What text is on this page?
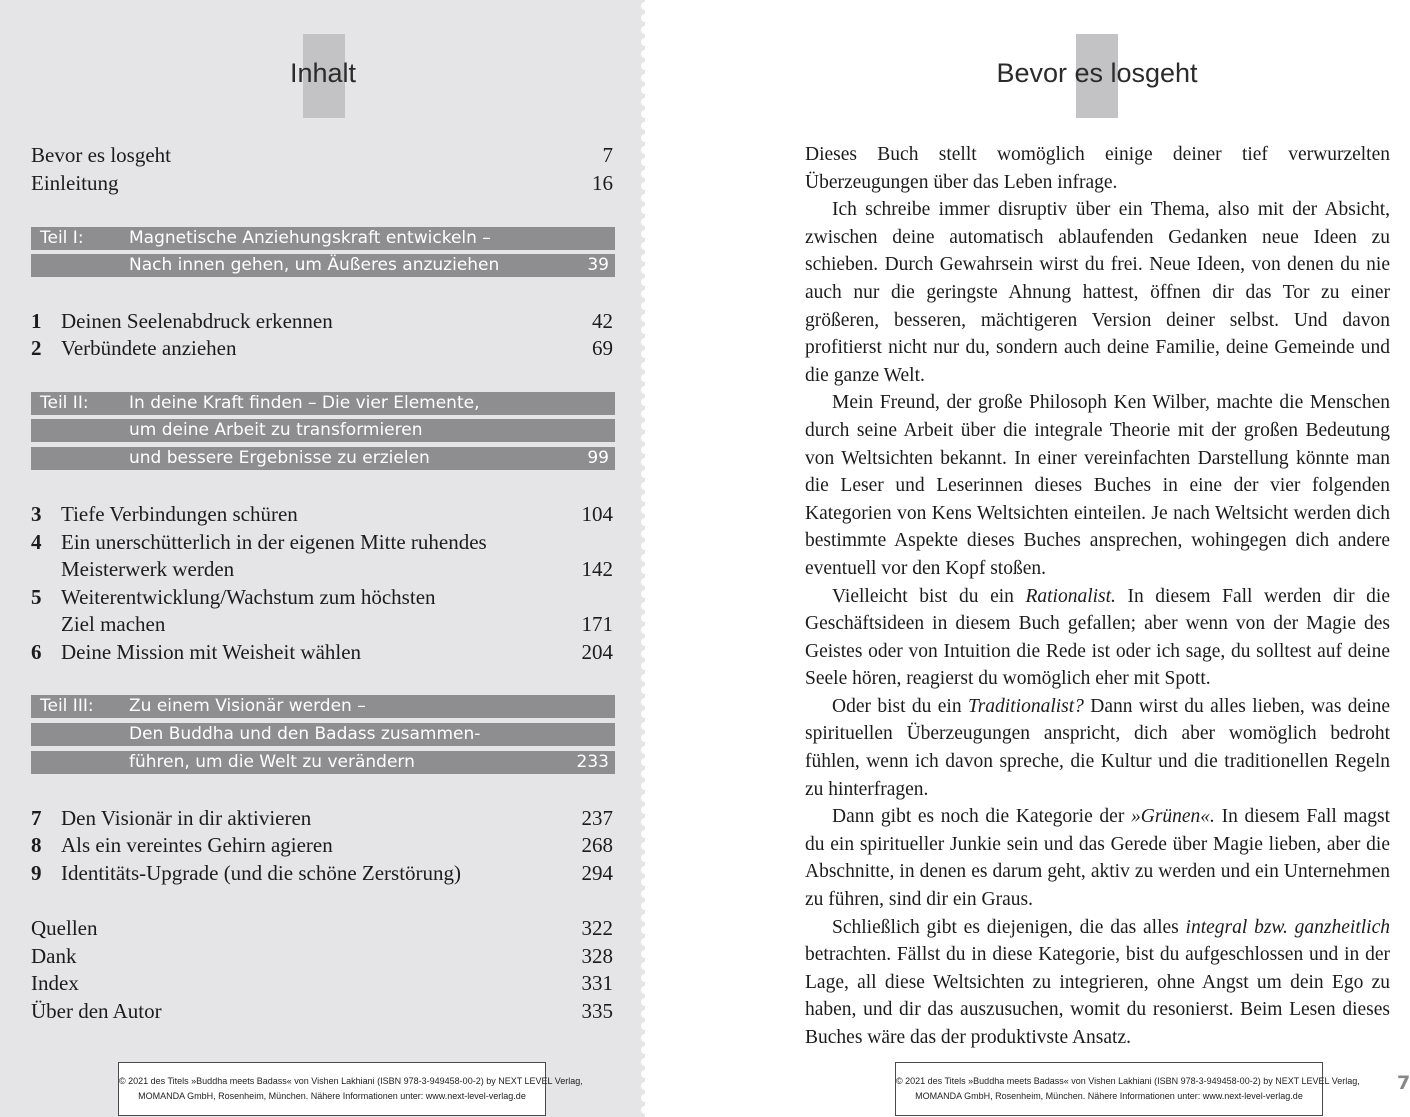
Inhalt
Bevor es losgeht	7
Einleitung	16
Teil I:	Magnetische Anziehungskraft entwickeln –
Nach innen gehen, um Äußeres anzuziehen	39
1 Deinen Seelenabdruck erkennen	42
2 Verbündete anziehen	69
Teil II: In deine Kraft finden – Die vier Elemente,
um deine Arbeit zu transformieren
und bessere Ergebnisse zu erzielen	99
3 Tiefe Verbindungen schüren	104
4 Ein unerschütterlich in der eigenen Mitte ruhendes
Meisterwerk werden	142
5 Weiterentwicklung/Wachstum zum höchsten
Ziel machen	171
6 Deine Mission mit Weisheit wählen	204
Teil III: Zu einem Visionär werden –
Den Buddha und den Badass zusammen-
führen, um die Welt zu verändern	233
7 Den Visionär in dir aktivieren	237
8 Als ein vereintes Gehirn agieren	268
9 Identitäts-Upgrade (und die schöne Zerstörung)	294
Quellen	322
Dank	328
Index	331
Über den Autor	335
© 2021 des Titels »Buddha meets Badass« von Vishen Lakhiani (ISBN 978-3-949458-00-2) by NEXT LEVEL Verlag,
MOMANDA GmbH, Rosenheim, München. Nähere Informationen unter: www.next-level-verlag.de
Bevor es losgeht

Dieses Buch stellt womöglich einige deiner tief verwurzelten Überzeugungen über das Leben infrage.

Ich schreibe immer disruptiv über ein Thema, also mit der Absicht, zwischen deine automatisch ablaufenden Gedanken neue Ideen zu schieben. Durch Gewahrsein wirst du frei. Neue Ideen, von denen du nie auch nur die geringste Ahnung hattest, öffnen dir das Tor zu einer größeren, besseren, mächtigeren Version deiner selbst. Und davon profitierst nicht nur du, sondern auch deine Familie, deine Gemeinde und die ganze Welt.

Mein Freund, der große Philosoph Ken Wilber, machte die Menschen durch seine Arbeit über die integrale Theorie mit der großen Bedeutung von Weltsichten bekannt. In einer vereinfachten Darstellung könnte man die Leser und Leserinnen dieses Buches in eine der vier folgenden Kategorien von Kens Weltsichten einteilen. Je nach Weltsicht werden dich bestimmte Aspekte dieses Buches ansprechen, wohingegen dich andere eventuell vor den Kopf stoßen.

Vielleicht bist du ein Rationalist. In diesem Fall werden dir die Geschäftsideen in diesem Buch gefallen; aber wenn von der Magie des Geistes oder von Intuition die Rede ist oder ich sage, du solltest auf deine Seele hören, reagierst du womöglich eher mit Spott.

Oder bist du ein Traditionalist? Dann wirst du alles lieben, was deine spirituellen Überzeugungen anspricht, dich aber womöglich bedroht fühlen, wenn ich davon spreche, die Kultur und die traditionellen Regeln zu hinterfragen.

Dann gibt es noch die Kategorie der »Grünen«. In diesem Fall magst du ein spiritueller Junkie sein und das Gerede über Magie lieben, aber die Abschnitte, in denen es darum geht, aktiv zu werden und ein Unternehmen zu führen, sind dir ein Graus.

Schließlich gibt es diejenigen, die das alles integral bzw. ganzheitlich betrachten. Fällst du in diese Kategorie, bist du aufgeschlossen und in der Lage, all diese Weltsichten zu integrieren, ohne Angst um dein Ego zu haben, und dir das auszusuchen, womit du resonierst. Beim Lesen dieses Buches wäre das der produktivste Ansatz.

© 2021 des Titels »Buddha meets Badass« von Vishen Lakhiani (ISBN 978-3-949458-00-2) by NEXT LEVEL Verlag,
MOMANDA GmbH, Rosenheim, München. Nähere Informationen unter: www.next-level-verlag.de
7
